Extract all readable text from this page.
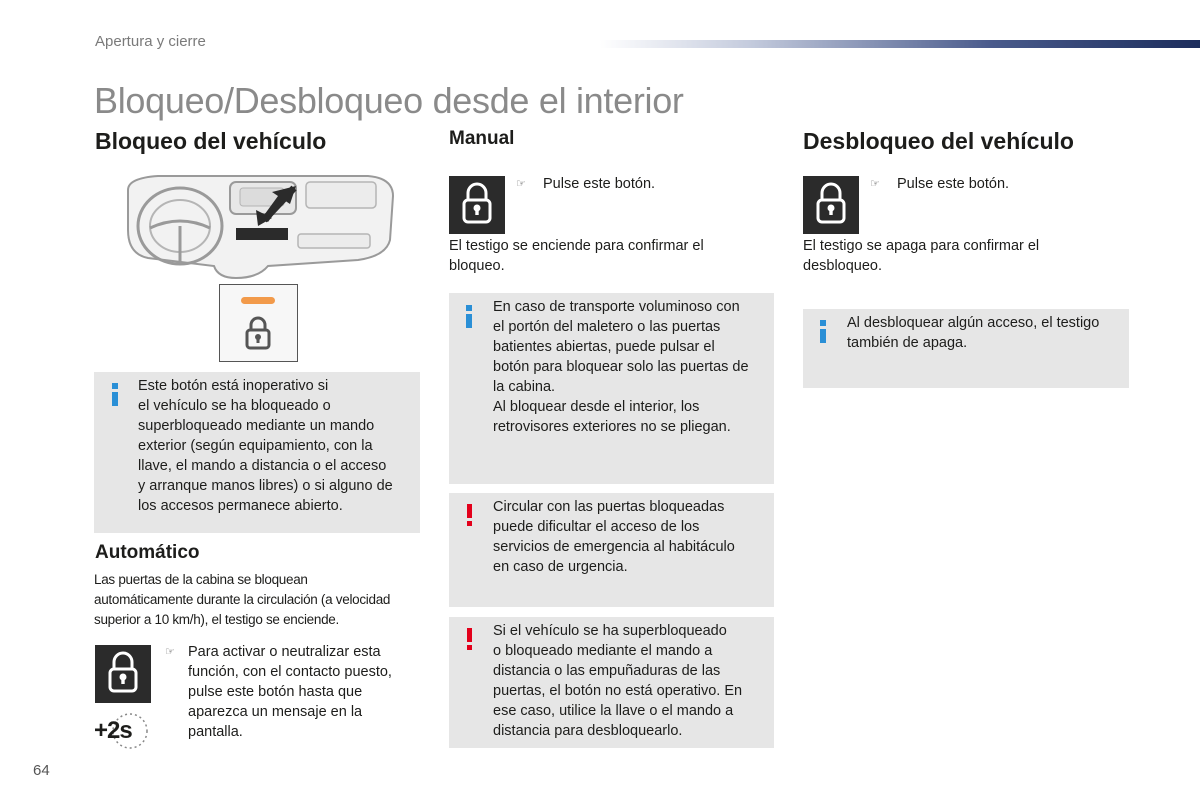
Apertura y cierre
Bloqueo/Desbloqueo desde el interior
Bloqueo del vehículo
Este botón está inoperativo si
el vehículo se ha bloqueado o
superbloqueado mediante un mando
exterior (según equipamiento, con la
llave, el mando a distancia o el acceso
y arranque manos libres) o si alguno de
los accesos permanece abierto.
Automático
Las puertas de la cabina se bloquean
automáticamente durante la circulación (a velocidad
superior a 10 km/h), el testigo se enciende.
+2s
☞ Para activar o neutralizar esta
función, con el contacto puesto,
pulse este botón hasta que
aparezca un mensaje en la
pantalla.
Manual
☞ Pulse este botón.
El testigo se enciende para confirmar el
bloqueo.
En caso de transporte voluminoso con
el portón del maletero o las puertas
batientes abiertas, puede pulsar el
botón para bloquear solo las puertas de
la cabina.
Al bloquear desde el interior, los
retrovisores exteriores no se pliegan.
Circular con las puertas bloqueadas
puede dificultar el acceso de los
servicios de emergencia al habitáculo
en caso de urgencia.
Si el vehículo se ha superbloqueado
o bloqueado mediante el mando a
distancia o las empuñaduras de las
puertas, el botón no está operativo. En
ese caso, utilice la llave o el mando a
distancia para desbloquearlo.
Desbloqueo del vehículo
☞ Pulse este botón.
El testigo se apaga para confirmar el
desbloqueo.
Al desbloquear algún acceso, el testigo
también de apaga.
64
